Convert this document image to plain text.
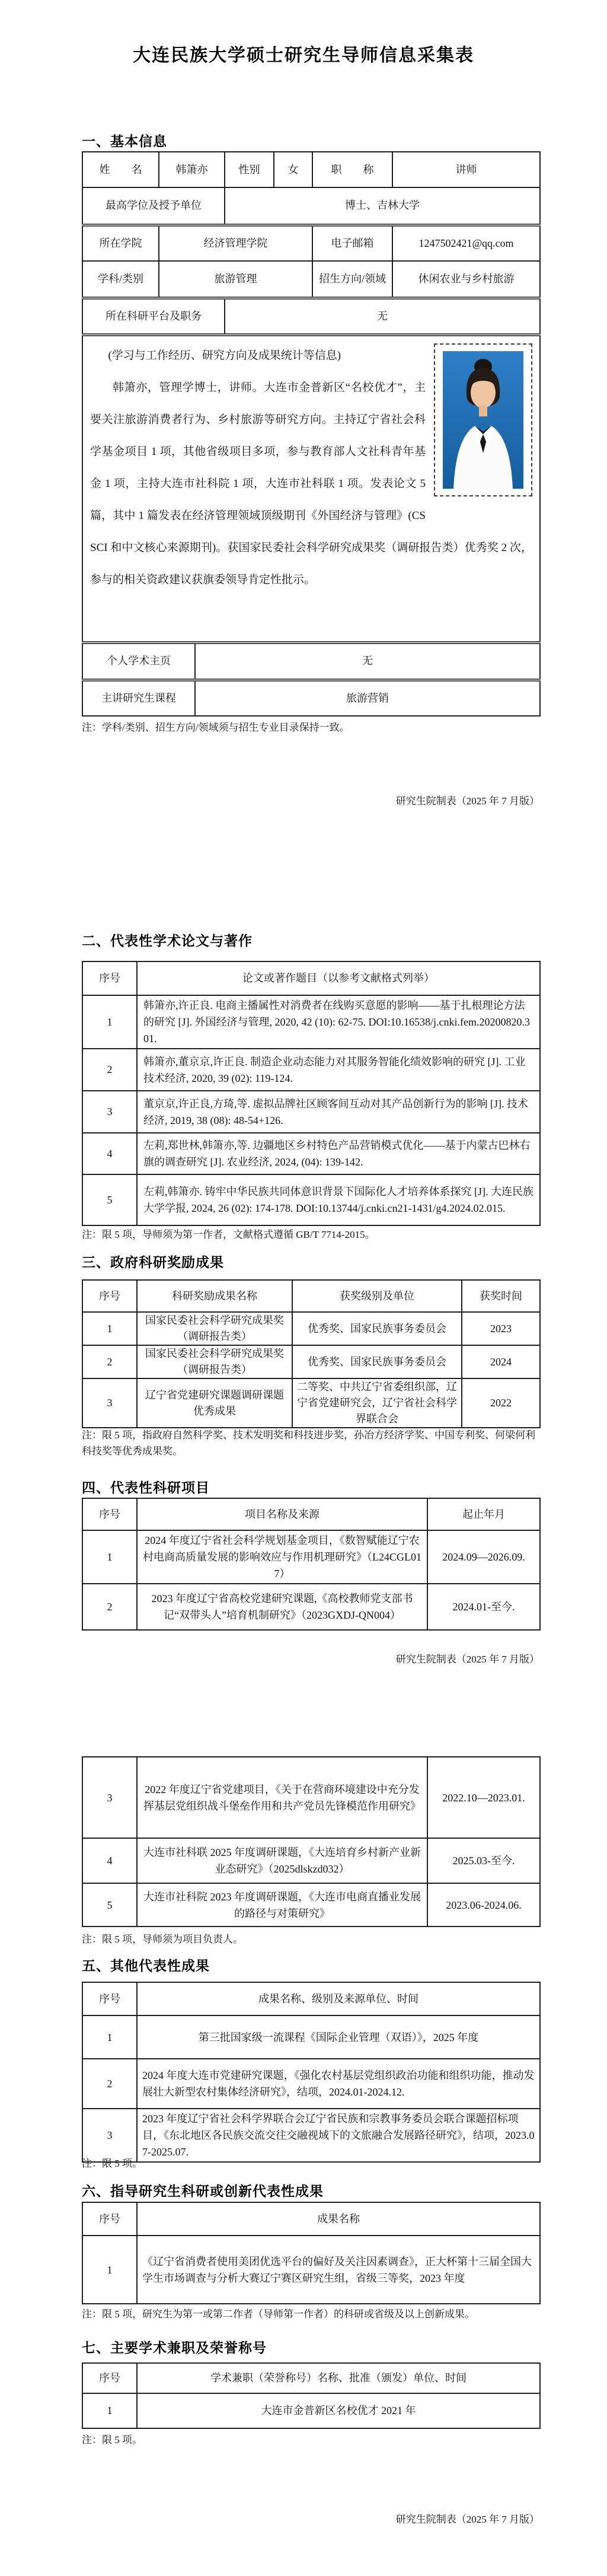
大连民族大学硕士研究生导师信息采集表
一、基本信息
姓　　名	韩箫亦		性别	女	职　　称	讲师
最高学位及授予单位			博士、吉林大学			
所在学院	经济管理学院				电子邮箱	1247502421@qq.com
学科/类别	旅游管理				招生方向/领域	休闲农业与乡村旅游
所在科研平台及职务			无			

(学习与工作经历、研究方向及成果统计等信息)

韩箫亦，管理学博士，讲师。大连市金普新区“名校优才”，主要关注旅游消费者行为、乡村旅游等研究方向。主持辽宁省社会科学基金项目 1 项，其他省级项目多项，参与教育部人文社科青年基金 1 项，主持大连市社科院 1 项，大连市社科联 1 项。发表论文 5 篇，其中 1 篇发表在经济管理领域顶级期刊《外国经济与管理》(CSSCI 和中文核心来源期刊)。获国家民委社会科学研究成果奖（调研报告类）优秀奖 2 次，参与的相关资政建议获旗委领导肯定性批示。						

个人学术主页		无				
主讲研究生课程		旅游营销				
注：学科/类别、招生方向/领域须与招生专业目录保持一致。
研究生院制表（2025 年 7 月版）
二、代表性学术论文与著作
序号	论文或著作题目（以参考文献格式列举）
1	韩箫亦,许正良. 电商主播属性对消费者在线购买意愿的影响——基于扎根理论方法的研究 [J]. 外国经济与管理, 2020, 42 (10): 62-75. DOI:10.16538/j.cnki.fem.20200820.301.
2	韩箫亦,董京京,许正良. 制造企业动态能力对其服务智能化绩效影响的研究 [J]. 工业技术经济, 2020, 39 (02): 119-124.
3	董京京,许正良,方琦,等. 虚拟品牌社区顾客间互动对其产品创新行为的影响 [J]. 技术经济, 2019, 38 (08): 48-54+126.
4	左莉,郑世林,韩箫亦,等. 边疆地区乡村特色产品营销模式优化——基于内蒙古巴林右旗的调查研究 [J]. 农业经济, 2024, (04): 139-142.
5	左莉,韩箫亦. 铸牢中华民族共同体意识背景下国际化人才培养体系探究 [J]. 大连民族大学学报, 2024, 26 (02): 174-178. DOI:10.13744/j.cnki.cn21-1431/g4.2024.02.015.
注：限 5 项，导师须为第一作者，文献格式遵循 GB/T 7714-2015。
三、政府科研奖励成果
序号	科研奖励成果名称	获奖级别及单位	获奖时间
1	国家民委社会科学研究成果奖（调研报告类）	优秀奖、国家民族事务委员会	2023
2	国家民委社会科学研究成果奖（调研报告类）	优秀奖、国家民族事务委员会	2024
3	辽宁省党建研究课题调研课题优秀成果	二等奖、中共辽宁省委组织部，辽宁省党建研究会，辽宁省社会科学界联合会	2022
注：限 5 项，指政府自然科学奖、技术发明奖和科技进步奖，孙冶方经济学奖、中国专利奖、何梁何利科技奖等优秀成果奖。
四、代表性科研项目
序号	项目名称及来源	起止年月
1	2024 年度辽宁省社会科学规划基金项目，《数智赋能辽宁农村电商高质量发展的影响效应与作用机理研究》（L24CGL017）	2024.09—2026.09.
2	2023 年度辽宁省高校党建研究课题,《高校教师党支部书记“双带头人”培育机制研究》（2023GXDJ-QN004）	2024.01-至今.
研究生院制表（2025 年 7 月版）
3	2022 年度辽宁省党建项目，《关于在营商环境建设中充分发挥基层党组织战斗堡垒作用和共产党员先锋模范作用研究》	2022.10—2023.01.
4	大连市社科联 2025 年度调研课题，《大连培育乡村新产业新业态研究》（2025dlskzd032）	2025.03-至今.
5	大连市社科院 2023 年度调研课题，《大连市电商直播业发展的路径与对策研究》	2023.06-2024.06.
注：限 5 项，导师须为项目负责人。
五、其他代表性成果
序号	成果名称、级别及来源单位、时间
1	第三批国家级一流课程《国际企业管理（双语）》，2025 年度
2	2024 年度大连市党建研究课题，《强化农村基层党组织政治功能和组织功能，推动发展壮大新型农村集体经济研究》，结项，2024.01-2024.12.
3	2023 年度辽宁省社会科学界联合会辽宁省民族和宗教事务委员会联合课题招标项目，《东北地区各民族交流交往交融视域下的文旅融合发展路径研究》，结项，2023.07-2025.07.
注：限 5 项。
六、指导研究生科研或创新代表性成果
序号	成果名称
1	《辽宁省消费者使用美团优选平台的偏好及关注因素调查》，正大杯第十三届全国大学生市场调查与分析大赛辽宁赛区研究生组，省级三等奖，2023 年度
注：限 5 项，研究生为第一或第二作者（导师第一作者）的科研或省级及以上创新成果。
七、主要学术兼职及荣誉称号
序号	学术兼职（荣誉称号）名称、批准（颁发）单位、时间
1	大连市金普新区名校优才 2021 年
注：限 5 项。
研究生院制表（2025 年 7 月版）
